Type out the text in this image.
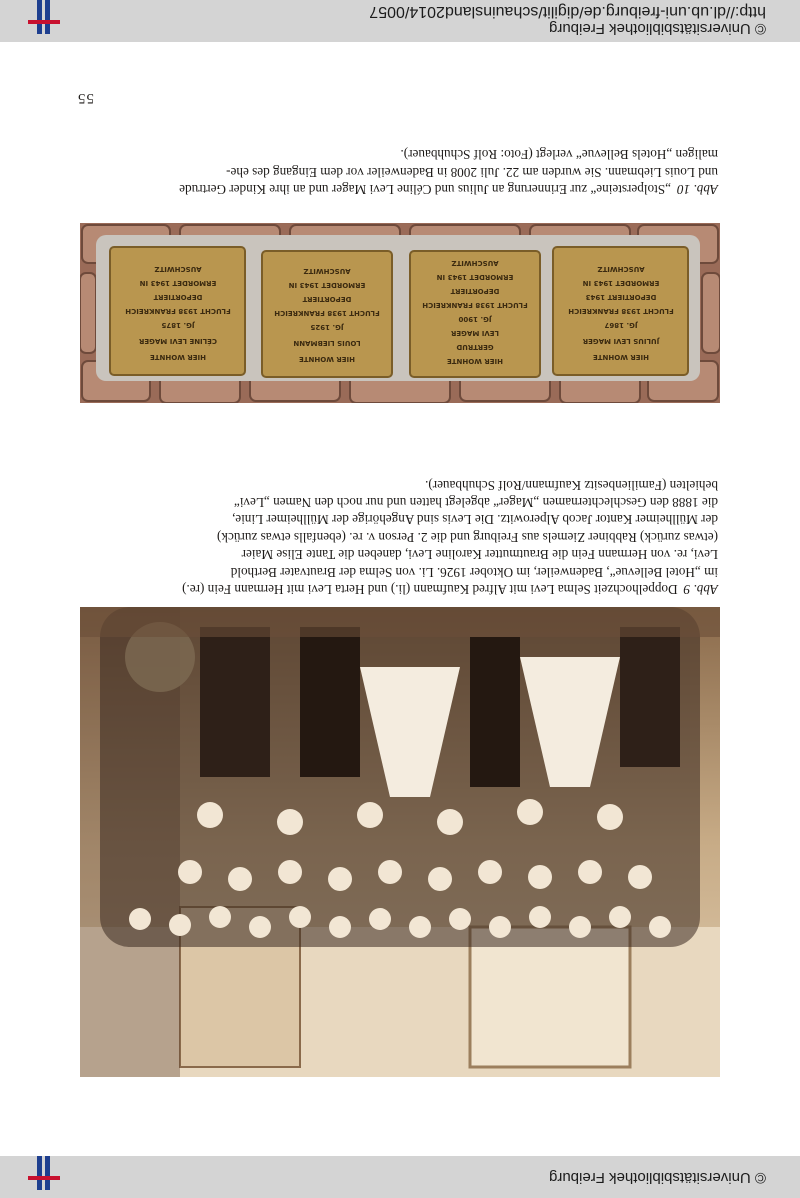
© Universitätsbibliothek Freiburg
© Universitätsbibliothek Freiburg
http://dl.ub.uni-freiburg.de/digilit/schauinsland2014/0057

Abb. 9Doppelhochzeit Selma Levi mit Alfred Kaufmann (li.) und Herta Levi mit Hermann Fein (re.)

im „Hotel Bellevue“, Badenweiler, im Oktober 1926. Li. von Selma der Brautvater Berthold

Levi, re. von Hermann Fein die Brautmutter Karoline Levi, daneben die Tante Elise Maier

(etwas zurück) Rabbiner Ziemels aus Freiburg und die 2. Person v. re. (ebenfalls etwas zurück)

der Müllheimer Kantor Jacob Alperowitz. Die Levis sind Angehörige der Müllheimer Linie,

die 1888 den Geschlechternamen „Mager“ abgelegt hatten und nur noch den Namen „Levi“

behielten (Familienbesitz Kaufmann/Rolf Schuhbauer).

HIER WOHNTE
JULIUS LEVI MAGER
JG. 1867
FLUCHT 1938 FRANKREICH
DEPORTIERT 1943
ERMORDET 1943 IN
AUSCHWITZ
HIER WOHNTE
GERTRUD
LEVI MAGER
JG. 1900
FLUCHT 1938 FRANKREICH
DEPORTIERT
ERMORDET 1943 IN
AUSCHWITZ
HIER WOHNTE
LOUIS LIEBMANN
JG. 1925
FLUCHT 1938 FRANKREICH
DEPORTIERT
ERMORDET 1943 IN
AUSCHWITZ
HIER WOHNTE
CÉLINE LEVI MAGER
JG. 1875
FLUCHT 1938 FRANKREICH
DEPORTIERT
ERMORDET 1943 IN
AUSCHWITZ

Abb. 10„Stolpersteine“ zur Erinnerung an Julius und Céline Levi Mager und an ihre Kinder Gertrude

und Louis Liebmann. Sie wurden am 22. Juli 2008 in Badenweiler vor dem Eingang des ehe-

maligen „Hotels Bellevue“ verlegt (Foto: Rolf Schuhbauer).

55
